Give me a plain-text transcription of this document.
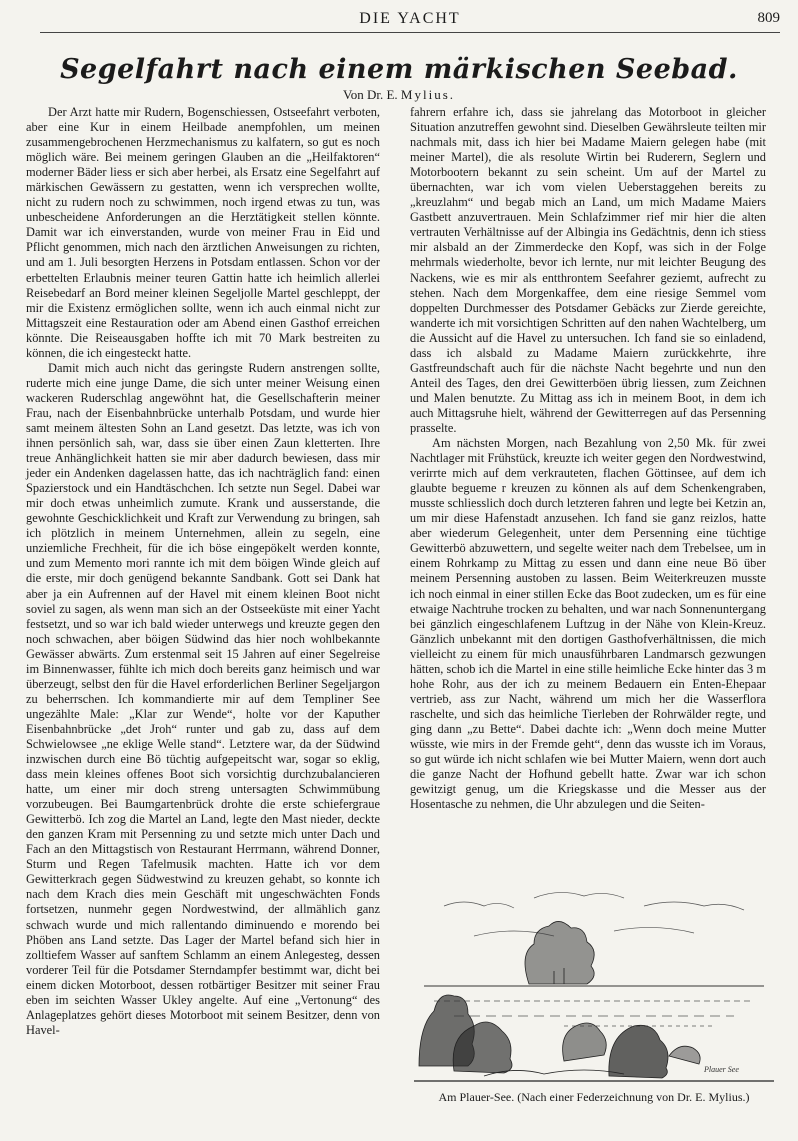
DIE YACHT	809
Segelfahrt nach einem märkischen Seebad.
Von Dr. E. Mylius.

Der Arzt hatte mir Rudern, Bogenschiessen, Ostseefahrt verboten, aber eine Kur in einem Heilbade anempfohlen, um meinen zusammengebrochenen Herzmechanismus zu kalfatern, so gut es noch möglich wäre. Bei meinem geringen Glauben an die „Heilfaktoren“ moderner Bäder liess er sich aber herbei, als Ersatz eine Segelfahrt auf märkischen Gewässern zu gestatten, wenn ich versprechen wollte, nicht zu rudern noch zu schwimmen, noch irgend etwas zu tun, was unbescheidene Anforderungen an die Herztätigkeit stellen könnte. Damit war ich einverstanden, wurde von meiner Frau in Eid und Pflicht genommen, mich nach den ärztlichen Anweisungen zu richten, und am 1. Juli besorgten Herzens in Potsdam entlassen. Schon vor der erbettelten Erlaubnis meiner teuren Gattin hatte ich heimlich allerlei Reisebedarf an Bord meiner kleinen Segeljolle Martel geschleppt, der mir die Existenz ermöglichen sollte, wenn ich auch einmal nicht zur Mittagszeit eine Restauration oder am Abend einen Gasthof erreichen könnte. Die Reiseausgaben hoffte ich mit 70 Mark bestreiten zu können, die ich eingesteckt hatte.

Damit mich auch nicht das geringste Rudern anstrengen sollte, ruderte mich eine junge Dame, die sich unter meiner Weisung einen wackeren Ruderschlag angewöhnt hat, die Gesellschafterin meiner Frau, nach der Eisenbahnbrücke unterhalb Potsdam, und wurde hier samt meinem ältesten Sohn an Land gesetzt. Das letzte, was ich von ihnen persönlich sah, war, dass sie über einen Zaun kletterten. Ihre treue Anhänglichkeit hatten sie mir aber dadurch bewiesen, dass mir jeder ein Andenken dagelassen hatte, das ich nachträglich fand: einen Spazierstock und ein Handtäschchen. Ich setzte nun Segel. Dabei war mir doch etwas unheimlich zumute. Krank und ausserstande, die gewohnte Geschicklichkeit und Kraft zur Verwendung zu bringen, sah ich plötzlich in meinem Unternehmen, allein zu segeln, eine unziemliche Frechheit, für die ich böse eingepökelt werden konnte, und zum Memento mori rannte ich mit dem böigen Winde gleich auf die erste, mir doch genügend bekannte Sandbank. Gott sei Dank hat aber ja ein Aufrennen auf der Havel mit einem kleinen Boot nicht soviel zu sagen, als wenn man sich an der Ostseeküste mit einer Yacht festsetzt, und so war ich bald wieder unterwegs und kreuzte gegen den noch schwachen, aber böigen Südwind das hier noch wohlbekannte Gewässer abwärts. Zum erstenmal seit 15 Jahren auf einer Segelreise im Binnenwasser, fühlte ich mich doch bereits ganz heimisch und war überzeugt, selbst den für die Havel erforderlichen Berliner Segeljargon zu beherrschen. Ich kommandierte mir auf dem Templiner See ungezählte Male: „Klar zur Wende“, holte vor der Kaputher Eisenbahnbrücke „det Jroh“ runter und gab zu, dass auf dem Schwielowsee „ne eklige Welle stand“. Letztere war, da der Südwind inzwischen durch eine Bö tüchtig aufgepeitscht war, sogar so eklig, dass mein kleines offenes Boot sich vorsichtig durchzubalancieren hatte, um einer mir doch streng untersagten Schwimmübung vorzubeugen. Bei Baumgartenbrück drohte die erste schiefergraue Gewitterbö. Ich zog die Martel an Land, legte den Mast nieder, deckte den ganzen Kram mit Persenning zu und setzte mich unter Dach und Fach an den Mittagstisch von Restaurant Herrmann, während Donner, Sturm und Regen Tafelmusik machten. Hatte ich vor dem Gewitterkrach gegen Südwestwind zu kreuzen gehabt, so konnte ich nach dem Krach dies mein Geschäft mit ungeschwächten Fonds fortsetzen, nunmehr gegen Nordwestwind, der allmählich ganz schwach wurde und mich rallentando diminuendo e morendo bei Phöben ans Land setzte. Das Lager der Martel befand sich hier in zolltiefem Wasser auf sanftem Schlamm an einem Anlegesteg, dessen vorderer Teil für die Potsdamer Sterndampfer bestimmt war, dicht bei einem dicken Motorboot, dessen rotbärtiger Besitzer mit seiner Frau eben im seichten Wasser Ukley angelte. Auf eine „Vertonung“ des Anlageplatzes gehört dieses Motorboot mit seinem Besitzer, denn von Havel-

fahrern erfahre ich, dass sie jahrelang das Motorboot in gleicher Situation anzutreffen gewohnt sind. Dieselben Gewährsleute teilten mir nachmals mit, dass ich hier bei Madame Maiern gelegen habe (mit meiner Martel), die als resolute Wirtin bei Ruderern, Seglern und Motorbootern bekannt zu sein scheint. Um auf der Martel zu übernachten, war ich vom vielen Ueberstaggehen bereits zu „kreuzlahm“ und begab mich an Land, um mich Madame Maiers Gastbett anzuvertrauen. Mein Schlafzimmer rief mir hier die alten vertrauten Verhältnisse auf der Albingia ins Gedächtnis, denn ich stiess mir alsbald an der Zimmerdecke den Kopf, was sich in der Folge mehrmals wiederholte, bevor ich lernte, nur mit leichter Beugung des Nackens, wie es mir als entthrontem Seefahrer geziemt, aufrecht zu stehen. Nach dem Morgenkaffee, dem eine riesige Semmel vom doppelten Durchmesser des Potsdamer Gebäcks zur Zierde gereichte, wanderte ich mit vorsichtigen Schritten auf den nahen Wachtelberg, um die Aussicht auf die Havel zu untersuchen. Ich fand sie so einladend, dass ich alsbald zu Madame Maiern zurückkehrte, ihre Gastfreundschaft auch für die nächste Nacht begehrte und nun den Anteil des Tages, den drei Gewitterböen übrig liessen, zum Zeichnen und Malen benutzte. Zu Mittag ass ich in meinem Boot, in dem ich auch Mittagsruhe hielt, während der Gewitterregen auf das Persenning prasselte.

Am nächsten Morgen, nach Bezahlung von 2,50 Mk. für zwei Nachtlager mit Frühstück, kreuzte ich weiter gegen den Nordwestwind, verirrte mich auf dem verkrauteten, flachen Göttinsee, auf dem ich glaubte begueme r kreuzen zu können als auf dem Schenkengraben, musste schliesslich doch durch letzteren fahren und legte bei Ketzin an, um mir diese Hafenstadt anzusehen. Ich fand sie ganz reizlos, hatte aber wiederum Gelegenheit, unter dem Persenning eine tüchtige Gewitterbö abzuwettern, und segelte weiter nach dem Trebelsee, um in einem Rohrkamp zu Mittag zu essen und dann eine neue Bö über meinem Persenning austoben zu lassen. Beim Weiterkreuzen musste ich noch einmal in einer stillen Ecke das Boot zudecken, um es für eine etwaige Nachtruhe trocken zu behalten, und war nach Sonnenuntergang bei gänzlich eingeschlafenem Luftzug in der Nähe von Klein-Kreuz. Gänzlich unbekannt mit den dortigen Gasthofverhältnissen, die mich vielleicht zu einem für mich unausführbaren Landmarsch gezwungen hätten, schob ich die Martel in eine stille heimliche Ecke hinter das 3 m hohe Rohr, aus der ich zu meinem Bedauern ein Enten-Ehepaar vertrieb, ass zur Nacht, während um mich her die Wasserflora raschelte, und sich das heimliche Tierleben der Rohrwälder regte, und ging dann „zu Bette“. Dabei dachte ich: „Wenn doch meine Mutter wüsste, wie mirs in der Fremde geht“, denn das wusste ich im Voraus, so gut würde ich nicht schlafen wie bei Mutter Maiern, wenn dort auch die ganze Nacht der Hofhund gebellt hatte. Zwar war ich schon gewitzigt genug, um die Kriegskasse und die Messer aus der Hosentasche zu nehmen, die Uhr abzulegen und die Seiten-

Plauer See
Am Plauer-See. (Nach einer Federzeichnung von Dr. E. Mylius.)
